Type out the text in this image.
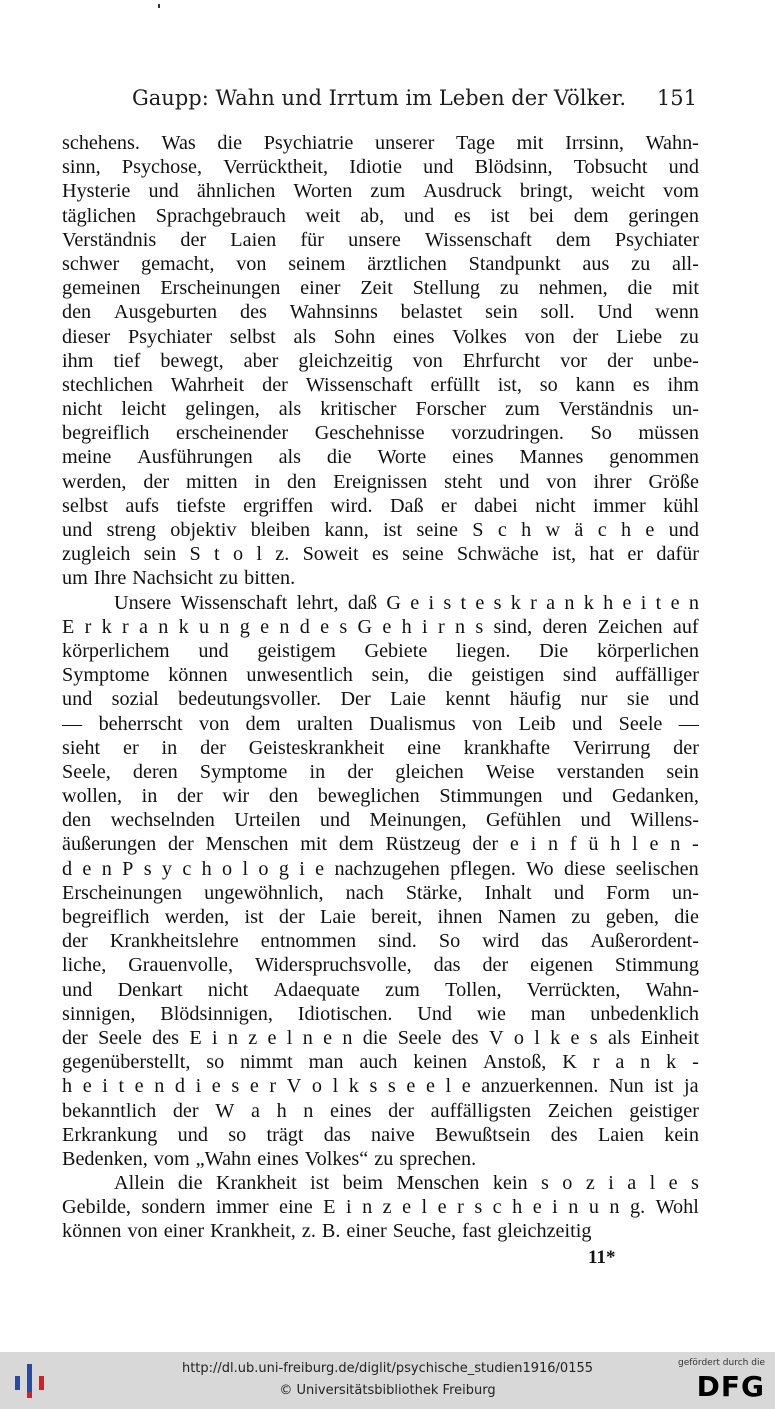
Gaupp: Wahn und Irrtum im Leben der Völker. 151
schehens. Was die Psychiatrie unserer Tage mit Irrsinn, Wahn-
sinn, Psychose, Verrücktheit, Idiotie und Blödsinn, Tobsucht und
Hysterie und ähnlichen Worten zum Ausdruck bringt, weicht vom
täglichen Sprachgebrauch weit ab, und es ist bei dem geringen
Verständnis der Laien für unsere Wissenschaft dem Psychiater
schwer gemacht, von seinem ärztlichen Standpunkt aus zu all-
gemeinen Erscheinungen einer Zeit Stellung zu nehmen, die mit
den Ausgeburten des Wahnsinns belastet sein soll. Und wenn
dieser Psychiater selbst als Sohn eines Volkes von der Liebe zu
ihm tief bewegt, aber gleichzeitig von Ehrfurcht vor der unbe-
stechlichen Wahrheit der Wissenschaft erfüllt ist, so kann es ihm
nicht leicht gelingen, als kritischer Forscher zum Verständnis un-
begreiflich erscheinender Geschehnisse vorzudringen. So müssen
meine Ausführungen als die Worte eines Mannes genommen
werden, der mitten in den Ereignissen steht und von ihrer Größe
selbst aufs tiefste ergriffen wird. Daß er dabei nicht immer kühl
und streng objektiv bleiben kann, ist seine S c h w ä c h e und
zugleich sein S t o l z. Soweit es seine Schwäche ist, hat er dafür
um Ihre Nachsicht zu bitten.
Unsere Wissenschaft lehrt, daß G e i s t e s k r a n k h e i t e n
E r k r a n k u n g e n d e s G e h i r n s sind, deren Zeichen auf
körperlichem und geistigem Gebiete liegen. Die körperlichen
Symptome können unwesentlich sein, die geistigen sind auffälliger
und sozial bedeutungsvoller. Der Laie kennt häufig nur sie und
— beherrscht von dem uralten Dualismus von Leib und Seele —
sieht er in der Geisteskrankheit eine krankhafte Verirrung der
Seele, deren Symptome in der gleichen Weise verstanden sein
wollen, in der wir den beweglichen Stimmungen und Gedanken,
den wechselnden Urteilen und Meinungen, Gefühlen und Willens-
äußerungen der Menschen mit dem Rüstzeug der e i n f ü h l e n -
d e n P s y c h o l o g i e nachzugehen pflegen. Wo diese seelischen
Erscheinungen ungewöhnlich, nach Stärke, Inhalt und Form un-
begreiflich werden, ist der Laie bereit, ihnen Namen zu geben, die
der Krankheitslehre entnommen sind. So wird das Außerordent-
liche, Grauenvolle, Widerspruchsvolle, das der eigenen Stimmung
und Denkart nicht Adaequate zum Tollen, Verrückten, Wahn-
sinnigen, Blödsinnigen, Idiotischen. Und wie man unbedenklich
der Seele des E i n z e l n e n die Seele des V o l k e s als Einheit
gegenüberstellt, so nimmt man auch keinen Anstoß, K r a n k -
h e i t e n d i e s e r V o l k s s e e l e anzuerkennen. Nun ist ja
bekanntlich der W a h n eines der auffälligsten Zeichen geistiger
Erkrankung und so trägt das naive Bewußtsein des Laien kein
Bedenken, vom „Wahn eines Volkes“ zu sprechen.
Allein die Krankheit ist beim Menschen kein s o z i a l e s
Gebilde, sondern immer eine E i n z e l e r s c h e i n u n g. Wohl
können von einer Krankheit, z. B. einer Seuche, fast gleichzeitig
11*
http://dl.ub.uni-freiburg.de/diglit/psychische_studien1916/0155
© Universitätsbibliothek Freiburg
gefördert durch die
DFG
